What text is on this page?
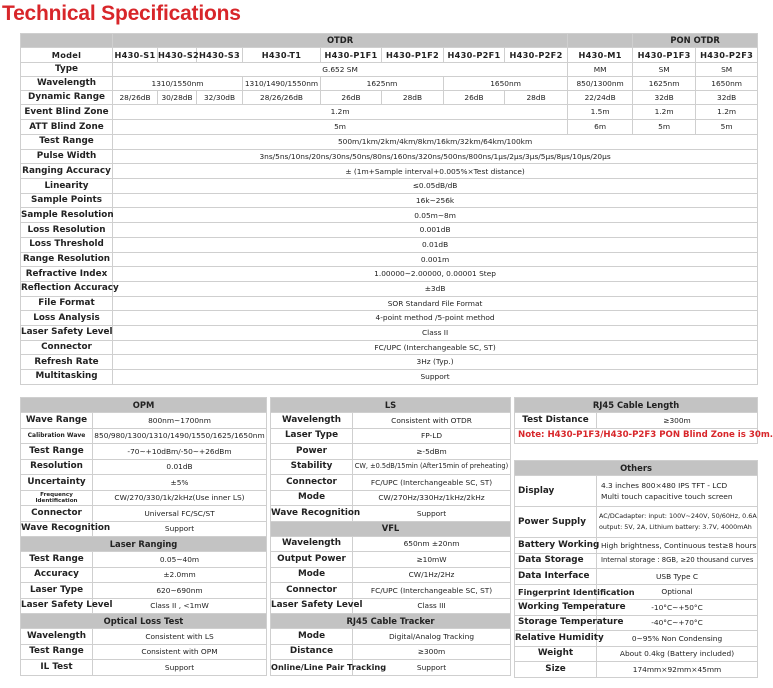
Technical Specifications
	OTDR									PON OTDR	
Model	H430-S1	H430-S2	H430-S3	H430-T1	H430-P1F1	H430-P1F2	H430-P2F1	H430-P2F2	H430-M1	H430-P1F3	H430-P2F3
Type	G.652 SM								MM	SM	SM
Wavelength	1310/1550nm			1310/1490/1550nm	1625nm		1650nm		850/1300nm	1625nm	1650nm
Dynamic Range	28/26dB	30/28dB	32/30dB	28/26/26dB	26dB	28dB	26dB	28dB	22/24dB	32dB	32dB
Event Blind Zone	1.2m								1.5m	1.2m	1.2m
ATT Blind Zone	5m								6m	5m	5m
Test Range	500m/1km/2km/4km/8km/16km/32km/64km/100km										
Pulse Width	3ns/5ns/10ns/20ns/30ns/50ns/80ns/160ns/320ns/500ns/800ns/1µs/2µs/3µs/5µs/8µs/10µs/20µs										
Ranging Accuracy	± (1m+Sample interval+0.005%×Test distance)										
Linearity	≤0.05dB/dB										
Sample Points	16k~256k										
Sample Resolution	0.05m~8m										
Loss Resolution	0.001dB										
Loss Threshold	0.01dB										
Range Resolution	0.001m										
Refractive Index	1.00000~2.00000, 0.00001 Step										
Reflection Accuracy	±3dB										
File Format	SOR Standard File Format										
Loss Analysis	4-point method /5-point method										
Laser Safety Level	Class II										
Connector	FC/UPC (Interchangeable SC, ST)										
Refresh Rate	3Hz (Typ.)										
Multitasking	Support										
OPM	
Wave Range	800nm~1700nm
Calibration Wave	850/980/1300/1310/1490/1550/1625/1650nm
Test Range	-70~+10dBm/-50~+26dBm
Resolution	0.01dB
Uncertainty	±5%
Frequency Identification	CW/270/330/1k/2kHz(Use inner LS)
Connector	Universal FC/SC/ST
Wave Recognition	Support
Laser Ranging	
Test Range	0.05~40m
Accuracy	±2.0mm
Laser Type	620~690nm
Laser Safety Level	Class II , <1mW
Optical Loss Test	
Wavelength	Consistent with LS
Test Range	Consistent with OPM
IL Test	Support
LS	
Wavelength	Consistent with OTDR
Laser Type	FP-LD
Power	≥-5dBm
Stability	CW, ±0.5dB/15min (After15min of preheating)
Connector	FC/UPC (Interchangeable SC, ST)
Mode	CW/270Hz/330Hz/1kHz/2kHz
Wave Recognition	Support
VFL	
Wavelength	650nm ±20nm
Output Power	≥10mW
Mode	CW/1Hz/2Hz
Connector	FC/UPC (Interchangeable SC, ST)
Laser Safety Level	Class III
RJ45 Cable Tracker	
Mode	Digital/Analog Tracking
Distance	≥300m
Online/Line Pair Tracking	Support
RJ45 Cable Length
Test Distance	≥300m
Note: H430-P1F3/H430-P2F3 PON Blind Zone is 30m.
Others	
Display	4.3 inches 800×480 IPS TFT - LCD
Multi touch capacitive touch screen
Power Supply	AC/DCadapter: input: 100V~240V, 50/60Hz, 0.6A
output: 5V, 2A, Lithium battery: 3.7V, 4000mAh
Battery Working	High brightness, Continuous test≥8 hours
Data Storage	Internal storage : 8GB, ≥20 thousand curves
Data Interface	USB Type C
Fingerprint Identification	Optional
Working Temperature	-10°C~+50°C
Storage Temperature	-40°C~+70°C
Relative Humidity	0~95% Non Condensing
Weight	About 0.4kg (Battery included)
Size	174mm×92mm×45mm
